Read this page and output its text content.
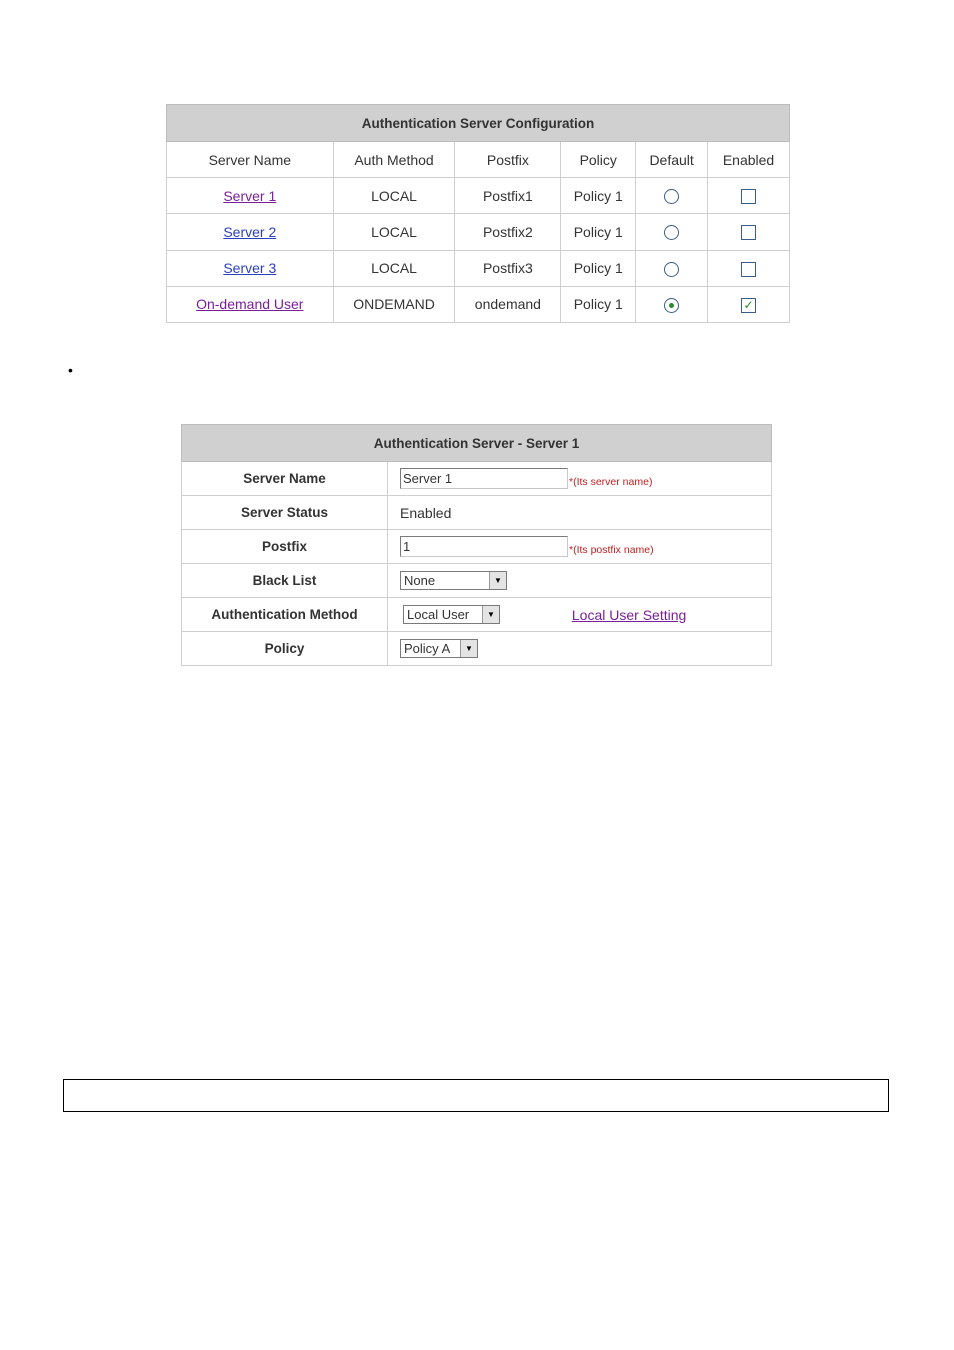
Authentication Server Configuration					
Server Name	Auth Method	Postfix	Policy	Default	Enabled
Server 1	LOCAL	Postfix1	Policy 1		
Server 2	LOCAL	Postfix2	Policy 1		
Server 3	LOCAL	Postfix3	Policy 1		
On-demand User	ONDEMAND	ondemand	Policy 1		✓
•
Authentication Server - Server 1	
Server Name	Server 1 $_{*(Its server name)}$
Server Status	Enabled
Postfix	1 $_{*(Its postfix name)}$
Black List	None ▼

Authentication Method	Local User ▼ Local User Setting
Policy	Policy A ▼
